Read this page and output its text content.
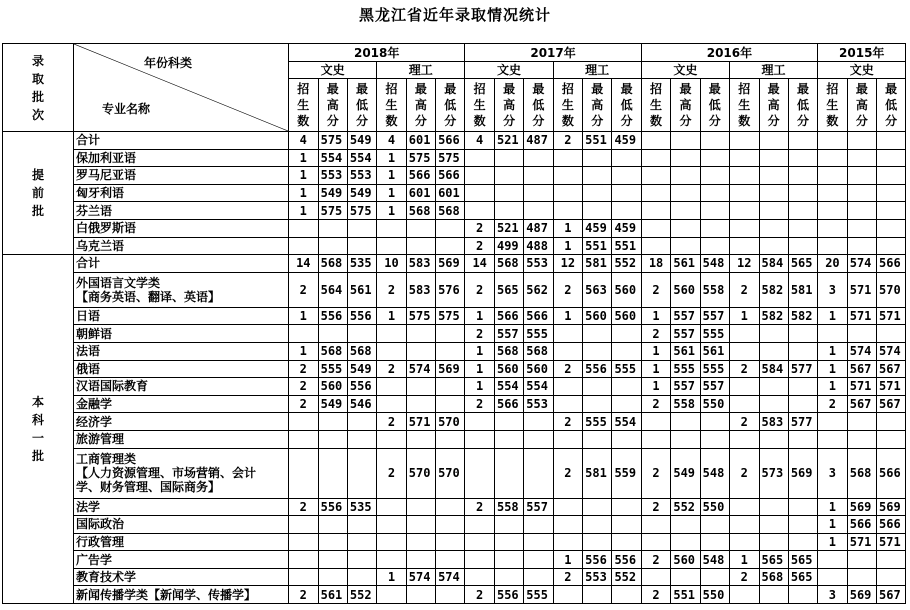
黑龙江省近年录取情况统计
录取批次	年份科类
专业名称	2018年						2017年						2016年						2015年		
		文史			理工			文史			理工			文史			理工			文史		
		招生数	最高分	最低分	招生数	最高分	最低分	招生数	最高分	最低分	招生数	最高分	最低分	招生数	最高分	最低分	招生数	最高分	最低分	招生数	最高分	最低分
提前批	合计	4	575	549	4	601	566	4	521	487	2	551	459									
	保加利亚语	1	554	554	1	575	575															
	罗马尼亚语	1	553	553	1	566	566															
	匈牙利语	1	549	549	1	601	601															
	芬兰语	1	575	575	1	568	568															
	白俄罗斯语							2	521	487	1	459	459									
	乌克兰语							2	499	488	1	551	551									
本科一批	合计	14	568	535	10	583	569	14	568	553	12	581	552	18	561	548	12	584	565	20	574	566

	外国语言文学类
【商务英语、翻译、英语】	2	564	561	2	583	576	2	565	562	2	563	560	2	560	558	2	582	581	3	571	570
	日语	1	556	556	1	575	575	1	566	566	1	560	560	1	557	557	1	582	582	1	571	571
	朝鲜语							2	557	555				2	557	555						
	法语	1	568	568				1	568	568				1	561	561				1	574	574
	俄语	2	555	549	2	574	569	1	560	560	2	556	555	1	555	555	2	584	577	1	567	567
	汉语国际教育	2	560	556				1	554	554				1	557	557				1	571	571
	金融学	2	549	546				2	566	553				2	558	550				2	567	567
	经济学				2	571	570				2	555	554				2	583	577			
	旅游管理																					

	工商管理类
【人力资源管理、市场营销、会计
学、财务管理、国际商务】				2	570	570				2	581	559	2	549	548	2	573	569	3	568	566
	法学	2	556	535				2	558	557				2	552	550				1	569	569
	国际政治																			1	566	566
	行政管理																			1	571	571
	广告学										1	556	556	2	560	548	1	565	565			
	教育技术学				1	574	574				2	553	552				2	568	565			
	新闻传播学类【新闻学、传播学】	2	561	552				2	556	555				2	551	550				3	569	567
